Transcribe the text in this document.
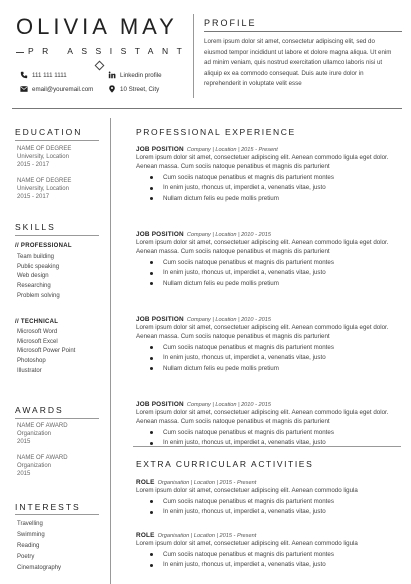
OLIVIA MAY
PR ASSISTANT
111 111 1111	Linkedin profile
email@youremail.com	10 Street, City
PROFILE
Lorem ipsum dolor sit amet, consectetur adipiscing elit, sed do eiusmod tempor incididunt ut labore et dolore magna aliqua. Ut enim ad minim veniam, quis nostrud exercitation ullamco laboris nisi ut aliquip ex ea commodo consequat. Duis aute irure dolor in reprehenderit in voluptate velit esse
EDUCATION
NAME OF DEGREE
University, Location
2015 - 2017
NAME OF DEGREE
University, Location
2015 - 2017
SKILLS
// PROFESSIONAL
Team building
Public speaking
Web design
Researching
Problem solving
// TECHNICAL
Microsoft Word
Microsoft Excel
Microsoft Power Point
Photoshop
Illustrator
AWARDS
NAME OF AWARD
Organization
2015
NAME OF AWARD
Organization
2015
INTERESTS
Travelling
Swimming
Reading
Poetry
Cinematography
PROFESSIONAL EXPERIENCE
JOB POSITION Company | Location | 2015 - Present
Lorem ipsum dolor sit amet, consectetuer adipiscing elit. Aenean commodo ligula eget dolor. Aenean massa. Cum sociis natoque penatibus et magnis dis parturient
Cum sociis natoque penatibus et magnis dis parturient montes
In enim justo, rhoncus ut, imperdiet a, venenatis vitae, justo
Nullam dictum felis eu pede mollis pretium
JOB POSITION Company | Location | 2010 - 2015
Lorem ipsum dolor sit amet, consectetuer adipiscing elit. Aenean commodo ligula eget dolor. Aenean massa. Cum sociis natoque penatibus et magnis dis parturient
Cum sociis natoque penatibus et magnis dis parturient montes
In enim justo, rhoncus ut, imperdiet a, venenatis vitae, justo
Nullam dictum felis eu pede mollis pretium
JOB POSITION Company | Location | 2010 - 2015
Lorem ipsum dolor sit amet, consectetuer adipiscing elit. Aenean commodo ligula eget dolor. Aenean massa. Cum sociis natoque penatibus et magnis dis parturient
Cum sociis natoque penatibus et magnis dis parturient montes
In enim justo, rhoncus ut, imperdiet a, venenatis vitae, justo
Nullam dictum felis eu pede mollis pretium
JOB POSITION Company | Location | 2010 - 2015
Lorem ipsum dolor sit amet, consectetuer adipiscing elit. Aenean commodo ligula eget dolor. Aenean massa. Cum sociis natoque penatibus et magnis dis parturient
Cum sociis natoque penatibus et magnis dis parturient montes
In enim justo, rhoncus ut, imperdiet a, venenatis vitae, justo
EXTRA CURRICULAR ACTIVITIES
ROLE Organisation | Location | 2015 - Present
Lorem ipsum dolor sit amet, consectetuer adipiscing elit. Aenean commodo ligula
Cum sociis natoque penatibus et magnis dis parturient montes
In enim justo, rhoncus ut, imperdiet a, venenatis vitae, justo
ROLE Organisation | Location | 2015 - Present
Lorem ipsum dolor sit amet, consectetuer adipiscing elit. Aenean commodo ligula
Cum sociis natoque penatibus et magnis dis parturient montes
In enim justo, rhoncus ut, imperdiet a, venenatis vitae, justo
